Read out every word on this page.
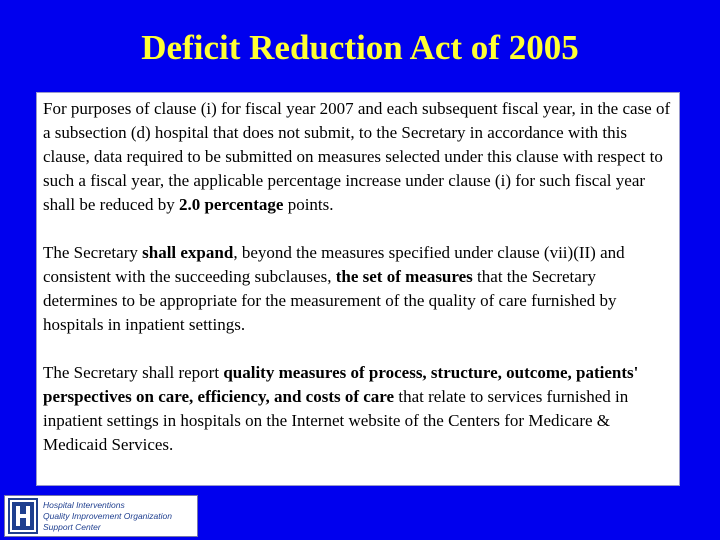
Deficit Reduction Act of 2005

For purposes of clause (i) for fiscal year 2007 and each subsequent fiscal year, in the case of a subsection (d) hospital that does not submit, to the Secretary in accordance with this clause, data required to be submitted on measures selected under this clause with respect to such a fiscal year, the applicable percentage increase under clause (i) for such fiscal year shall be reduced by 2.0 percentage points.

The Secretary shall expand, beyond the measures specified under clause (vii)(II) and consistent with the succeeding subclauses, the set of measures that the Secretary determines to be appropriate for the measurement of the quality of care furnished by hospitals in inpatient settings.

The Secretary shall report quality measures of process, structure, outcome, patients' perspectives on care, efficiency, and costs of care that relate to services furnished in inpatient settings in hospitals on the Internet website of the Centers for Medicare & Medicaid Services.

Hospital Interventions
Quality Improvement Organization
Support Center
